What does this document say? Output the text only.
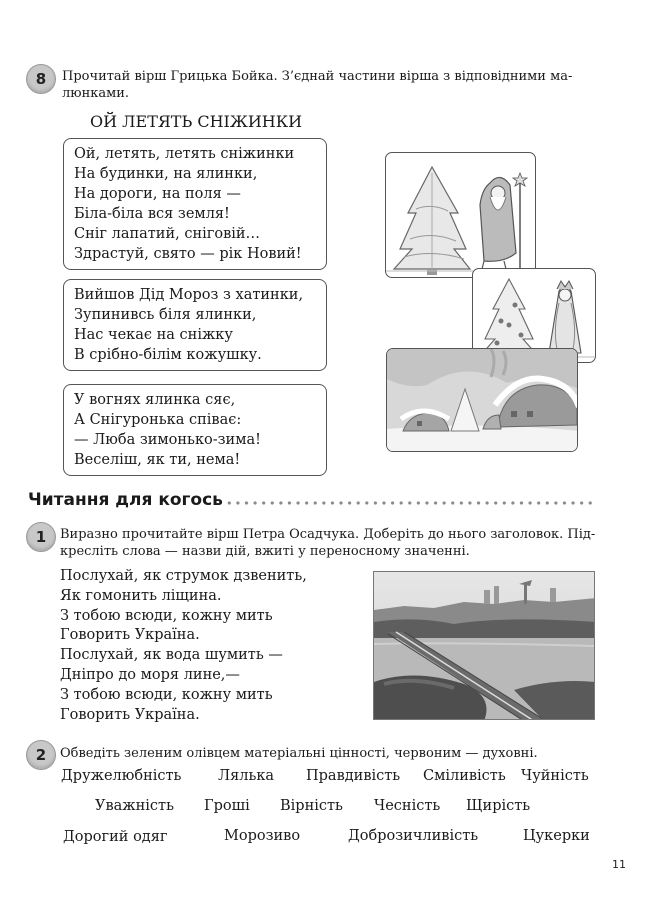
8 Прочитай вірш Грицька Бойка. З’єднай частини вірша з відповідними ма-
люнками.
ОЙ ЛЕТЯТЬ СНІЖИНКИ
Ой, летять, летять сніжинки
На будинки, на ялинки,
На дороги, на поля —
Біла-біла вся земля!
Сніг лапатий, сніговій…
Здрастуй, свято — рік Новий!
Вийшов Дід Мороз з хатинки,
Зупинивсь біля ялинки,
Нас чекає на сніжку
В срібно-білім кожушку.
У вогнях ялинка сяє,
А Снігуронька співає:
— Люба зимонько-зима!
Веселіш, як ти, нема!
Читання для когось
1 Виразно прочитайте вірш Петра Осадчука. Доберіть до нього заголовок. Під-
кресліть слова — назви дій, вжиті у переносному значенні.
Послухай, як струмок дзвенить,
Як гомонить ліщина.
З тобою всюди, кожну мить
Говорить Україна.
Послухай, як вода шумить —
Дніпро до моря лине,—
З тобою всюди, кожну мить
Говорить Україна.
2 Обведіть зеленим олівцем матеріальні цінності, червоним — духовні.
Дружелюбність	Лялька Правдивість Сміливість Чуйність
Уважність Гроші Вірність Чесність Щирість
Дорогий одяг	Морозиво	Доброзичливість	Цукерки
11
